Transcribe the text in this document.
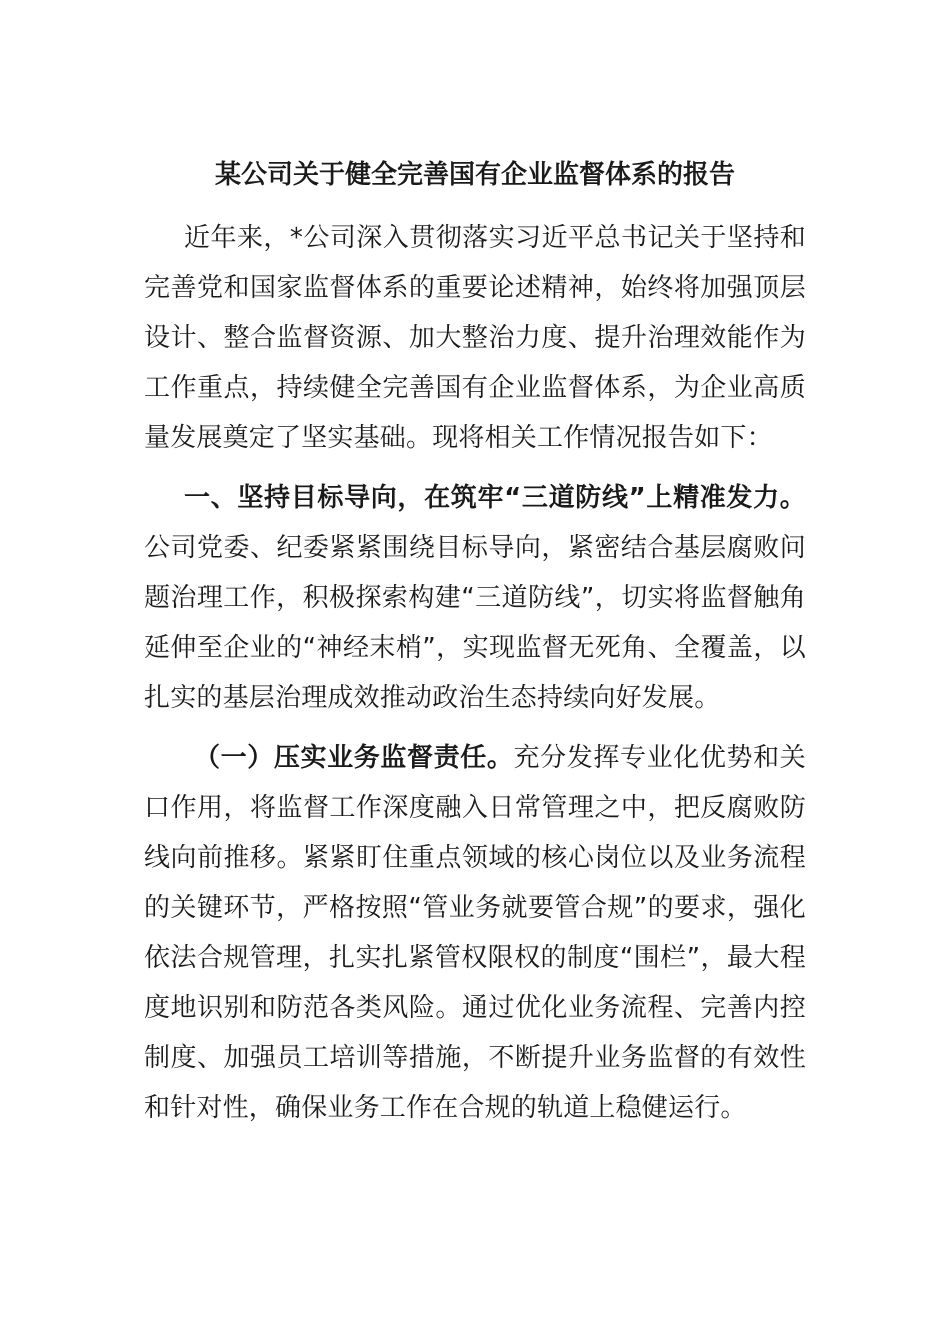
某公司关于健全完善国有企业监督体系的报告

近年来，*公司深入贯彻落实习近平总书记关于坚持和完善党和国家监督体系的重要论述精神，始终将加强顶层设计、整合监督资源、加大整治力度、提升治理效能作为工作重点，持续健全完善国有企业监督体系，为企业高质量发展奠定了坚实基础。现将相关工作情况报告如下：

一、坚持目标导向，在筑牢“三道防线”上精准发力。公司党委、纪委紧紧围绕目标导向，紧密结合基层腐败问题治理工作，积极探索构建“三道防线”，切实将监督触角延伸至企业的“神经末梢”，实现监督无死角、全覆盖，以扎实的基层治理成效推动政治生态持续向好发展。

（一）压实业务监督责任。充分发挥专业化优势和关口作用，将监督工作深度融入日常管理之中，把反腐败防线向前推移。紧紧盯住重点领域的核心岗位以及业务流程的关键环节，严格按照“管业务就要管合规”的要求，强化依法合规管理，扎实扎紧管权限权的制度“围栏”，最大程度地识别和防范各类风险。通过优化业务流程、完善内控制度、加强员工培训等措施，不断提升业务监督的有效性和针对性，确保业务工作在合规的轨道上稳健运行。
